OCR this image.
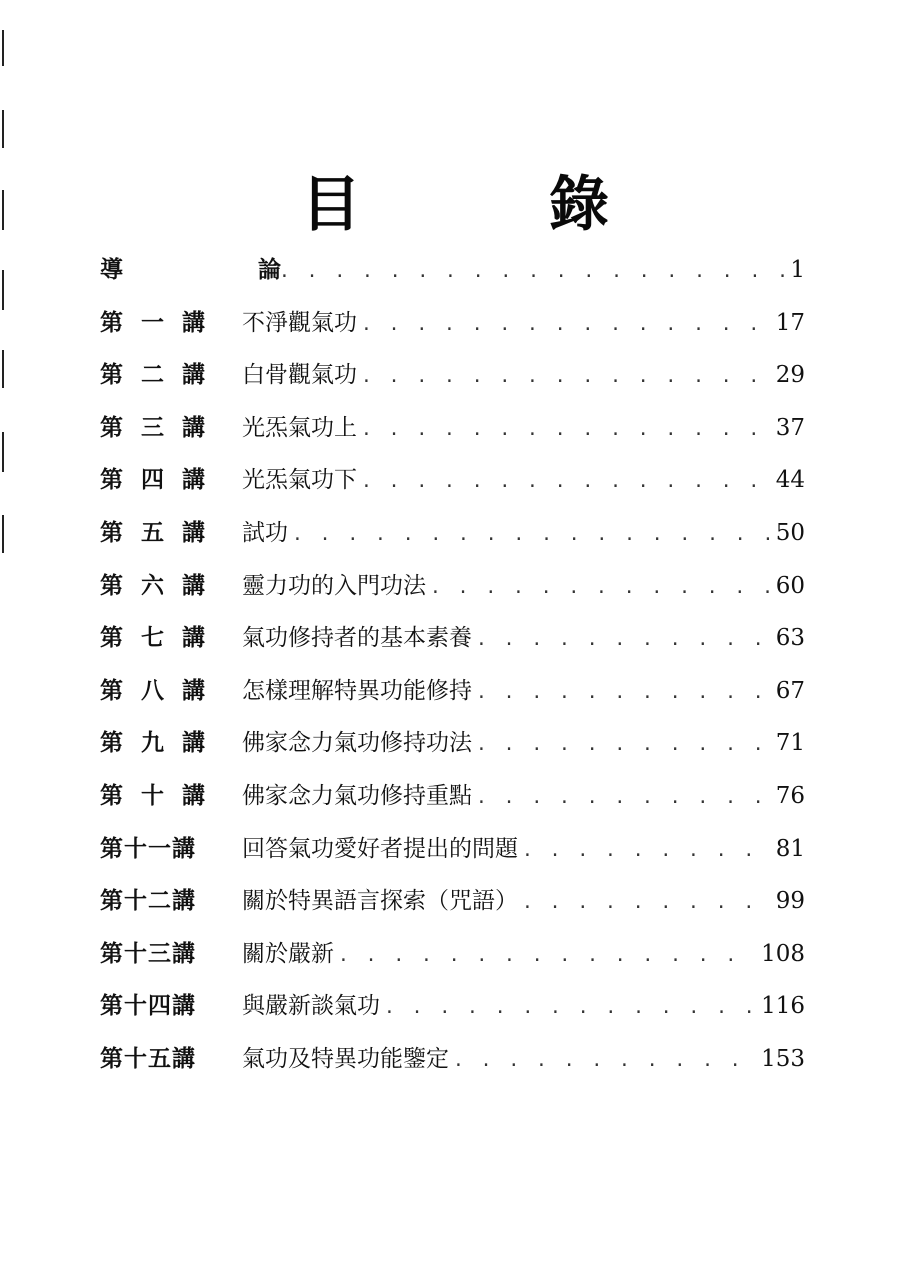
目　錄
導　論 . . .	1
第一講 不淨觀氣功 . . .	17
第二講 白骨觀氣功 . . .	29
第三講 光炁氣功上 . . .	37
第四講 光炁氣功下 . . .	44
第五講 試功 . . .	50
第六講 靈力功的入門功法 . . .	60
第七講 氣功修持者的基本素養 . . .	63
第八講 怎樣理解特異功能修持 . . .	67
第九講 佛家念力氣功修持功法 . . .	71
第十講 佛家念力氣功修持重點 . . .	76
第十一講	回答氣功愛好者提出的問題 . . .	81
第十二講	關於特異語言探索（咒語） . . .	99
第十三講	關於嚴新 . . .	108
第十四講	與嚴新談氣功 . . .	116
第十五講	氣功及特異功能鑒定 . . .	153
